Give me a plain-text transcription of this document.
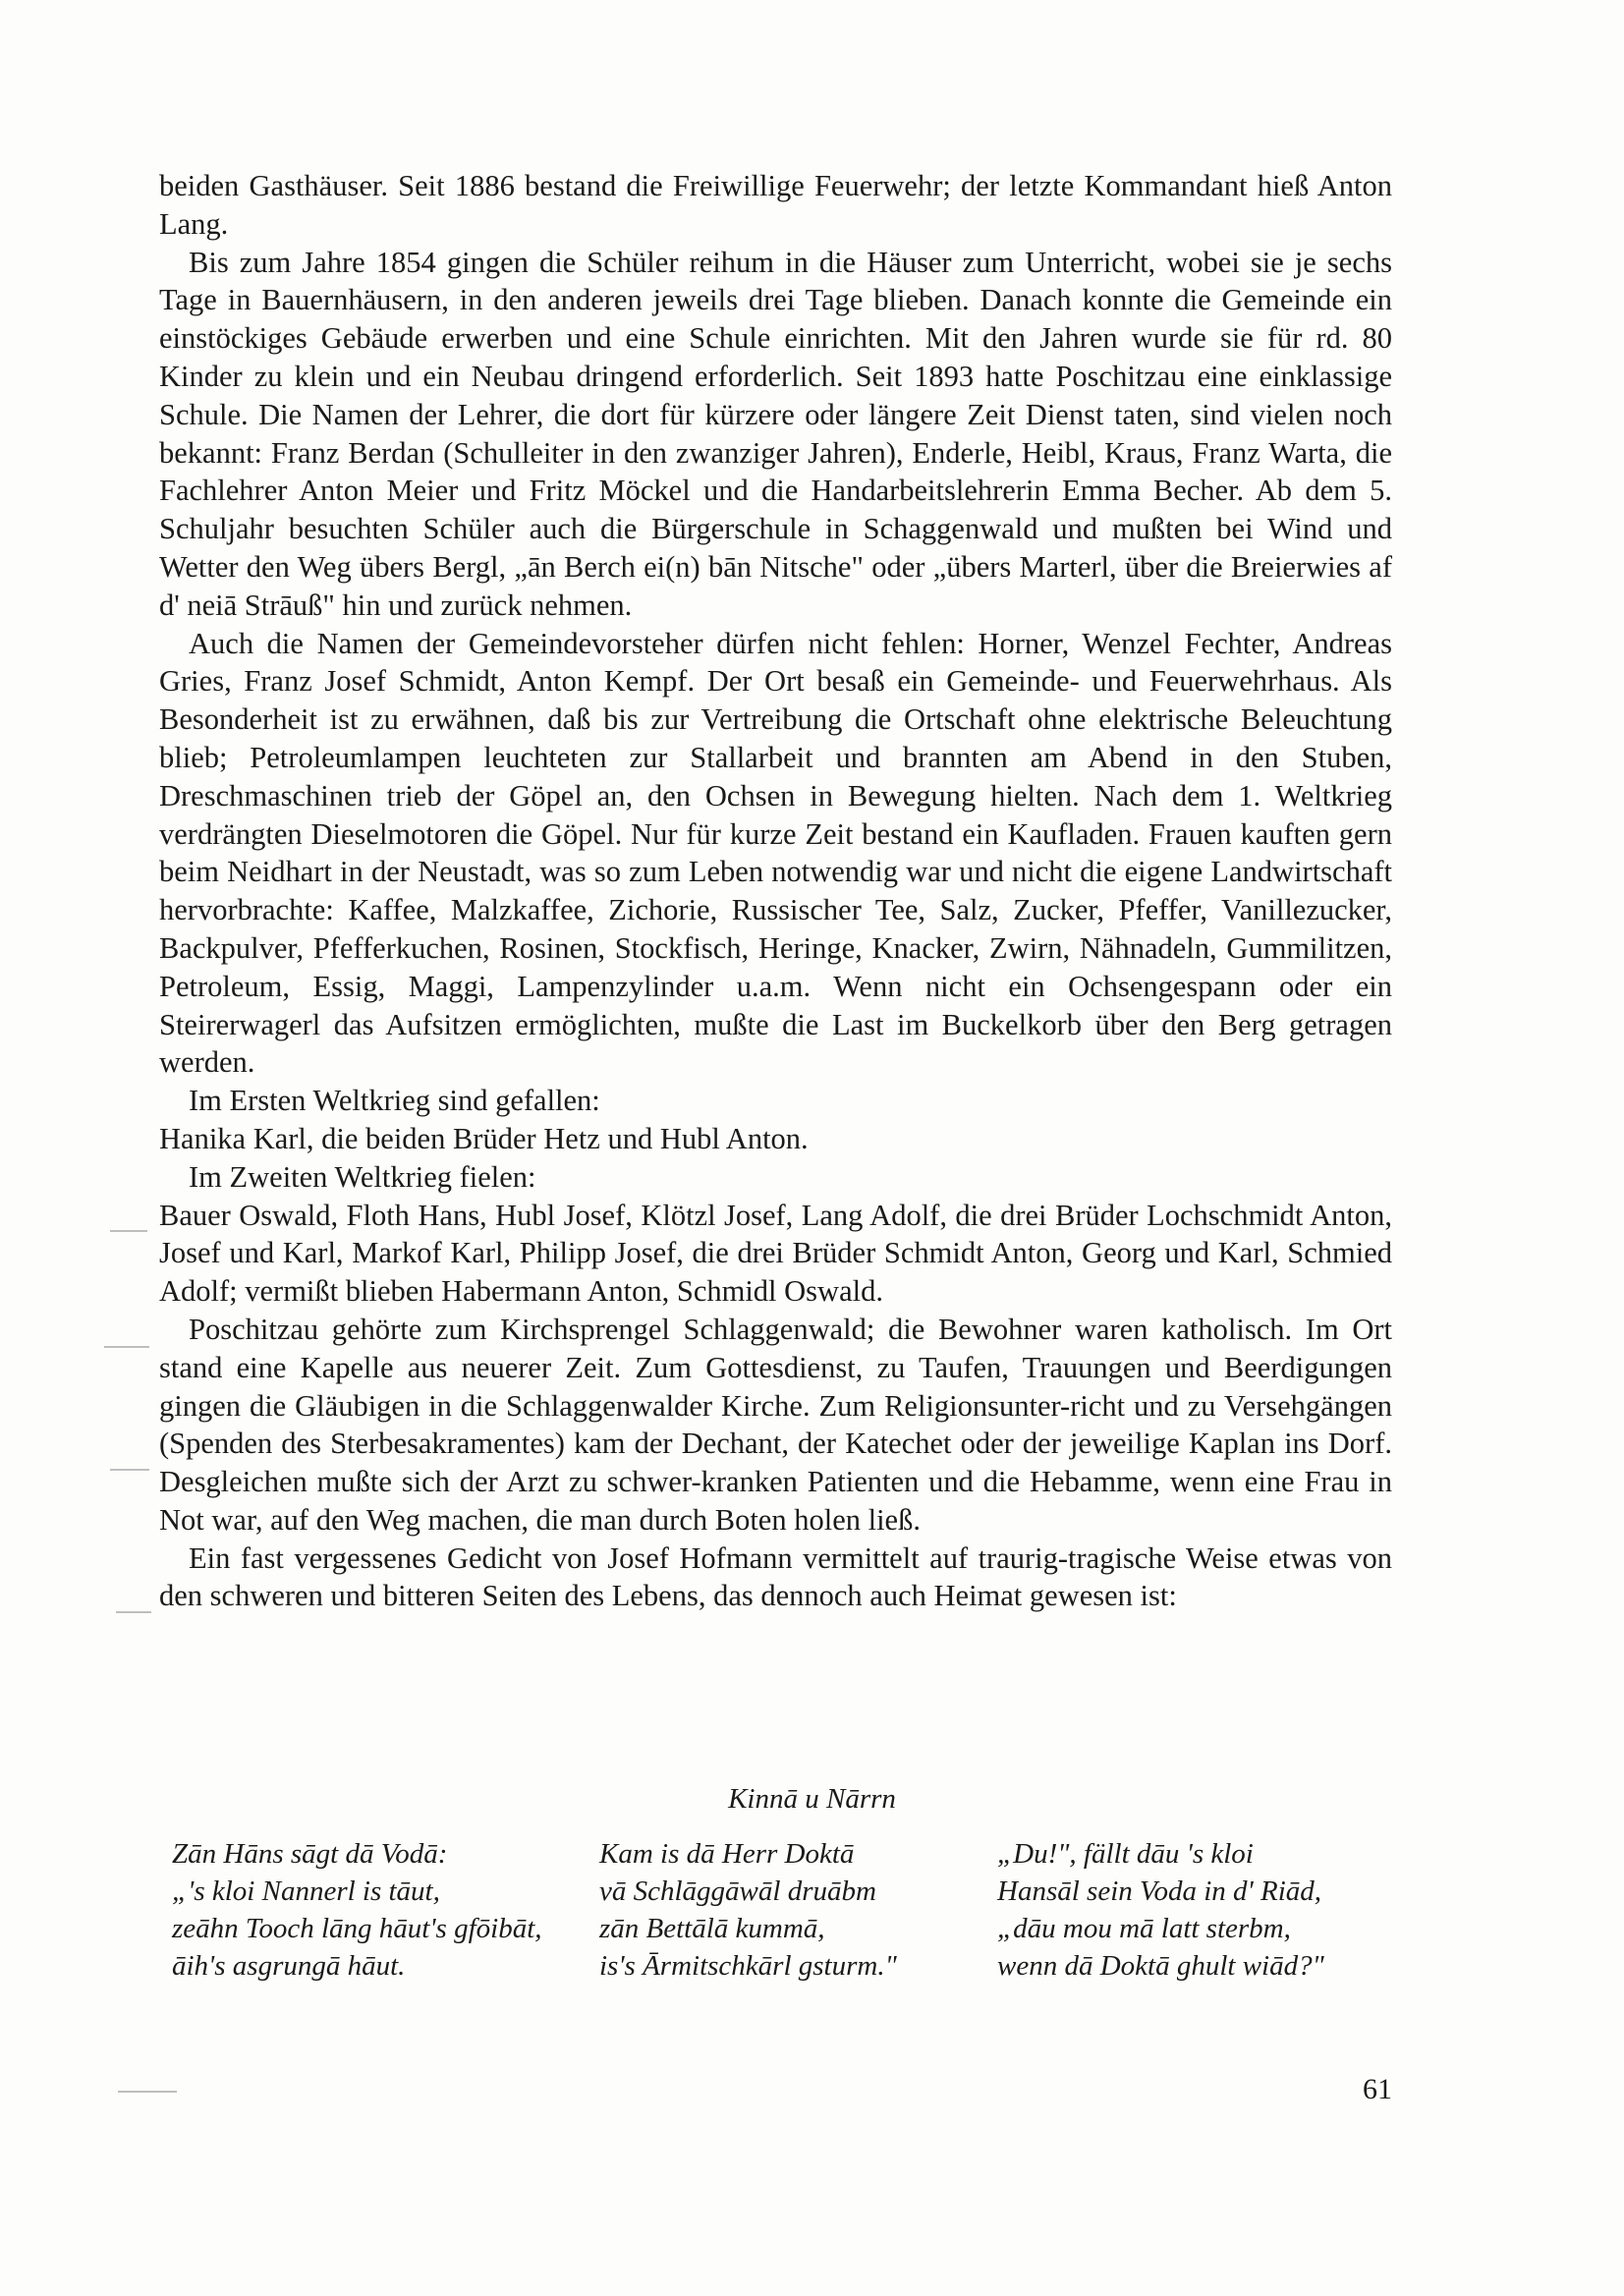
beiden Gasthäuser. Seit 1886 bestand die Freiwillige Feuerwehr; der letzte Kommandant hieß Anton Lang.

Bis zum Jahre 1854 gingen die Schüler reihum in die Häuser zum Unterricht, wobei sie je sechs Tage in Bauernhäusern, in den anderen jeweils drei Tage blieben. Danach konnte die Gemeinde ein einstöckiges Gebäude erwerben und eine Schule einrichten. Mit den Jahren wurde sie für rd. 80 Kinder zu klein und ein Neubau dringend erforderlich. Seit 1893 hatte Poschitzau eine einklassige Schule. Die Namen der Lehrer, die dort für kürzere oder längere Zeit Dienst taten, sind vielen noch bekannt: Franz Berdan (Schulleiter in den zwanziger Jahren), Enderle, Heibl, Kraus, Franz Warta, die Fachlehrer Anton Meier und Fritz Möckel und die Handarbeitslehrerin Emma Becher. Ab dem 5. Schuljahr besuchten Schüler auch die Bürgerschule in Schaggenwald und mußten bei Wind und Wetter den Weg übers Bergl, „ān Berch ei(n) bān Nitsche" oder „übers Marterl, über die Breierwies af d' neiā Strāuß" hin und zurück nehmen.

Auch die Namen der Gemeindevorsteher dürfen nicht fehlen: Horner, Wenzel Fechter, Andreas Gries, Franz Josef Schmidt, Anton Kempf. Der Ort besaß ein Gemeinde- und Feuerwehrhaus. Als Besonderheit ist zu erwähnen, daß bis zur Vertreibung die Ortschaft ohne elektrische Beleuchtung blieb; Petroleumlampen leuchteten zur Stallarbeit und brannten am Abend in den Stuben, Dreschmaschinen trieb der Göpel an, den Ochsen in Bewegung hielten. Nach dem 1. Weltkrieg verdrängten Dieselmotoren die Göpel. Nur für kurze Zeit bestand ein Kaufladen. Frauen kauften gern beim Neidhart in der Neustadt, was so zum Leben notwendig war und nicht die eigene Landwirtschaft hervorbrachte: Kaffee, Malzkaffee, Zichorie, Russischer Tee, Salz, Zucker, Pfeffer, Vanillezucker, Backpulver, Pfefferkuchen, Rosinen, Stockfisch, Heringe, Knacker, Zwirn, Nähnadeln, Gummilitzen, Petroleum, Essig, Maggi, Lampenzylinder u.a.m. Wenn nicht ein Ochsengespann oder ein Steirerwagerl das Aufsitzen ermöglichten, mußte die Last im Buckelkorb über den Berg getragen werden.

Im Ersten Weltkrieg sind gefallen:

Hanika Karl, die beiden Brüder Hetz und Hubl Anton.

Im Zweiten Weltkrieg fielen:

Bauer Oswald, Floth Hans, Hubl Josef, Klötzl Josef, Lang Adolf, die drei Brüder Lochschmidt Anton, Josef und Karl, Markof Karl, Philipp Josef, die drei Brüder Schmidt Anton, Georg und Karl, Schmied Adolf; vermißt blieben Habermann Anton, Schmidl Oswald.

Poschitzau gehörte zum Kirchsprengel Schlaggenwald; die Bewohner waren katholisch. Im Ort stand eine Kapelle aus neuerer Zeit. Zum Gottesdienst, zu Taufen, Trauungen und Beerdigungen gingen die Gläubigen in die Schlaggenwalder Kirche. Zum Religionsunter-richt und zu Versehgängen (Spenden des Sterbesakramentes) kam der Dechant, der Katechet oder der jeweilige Kaplan ins Dorf. Desgleichen mußte sich der Arzt zu schwer-kranken Patienten und die Hebamme, wenn eine Frau in Not war, auf den Weg machen, die man durch Boten holen ließ.

Ein fast vergessenes Gedicht von Josef Hofmann vermittelt auf traurig-tragische Weise etwas von den schweren und bitteren Seiten des Lebens, das dennoch auch Heimat gewesen ist:

Kinnā u Nārrn
Zān Hāns sāgt dā Vodā:
„'s kloi Nannerl is tāut,
zeāhn Tooch lāng hāut's gfōibāt,
āih's asgrungā hāut.
Kam is dā Herr Doktā
vā Schlāggāwāl druābm
zān Bettālā kummā,
is's Ārmitschkārl gsturm."
„Du!", fällt dāu 's kloi
Hansāl sein Voda in d' Riād,
„dāu mou mā latt sterbm,
wenn dā Doktā ghult wiād?"
61
